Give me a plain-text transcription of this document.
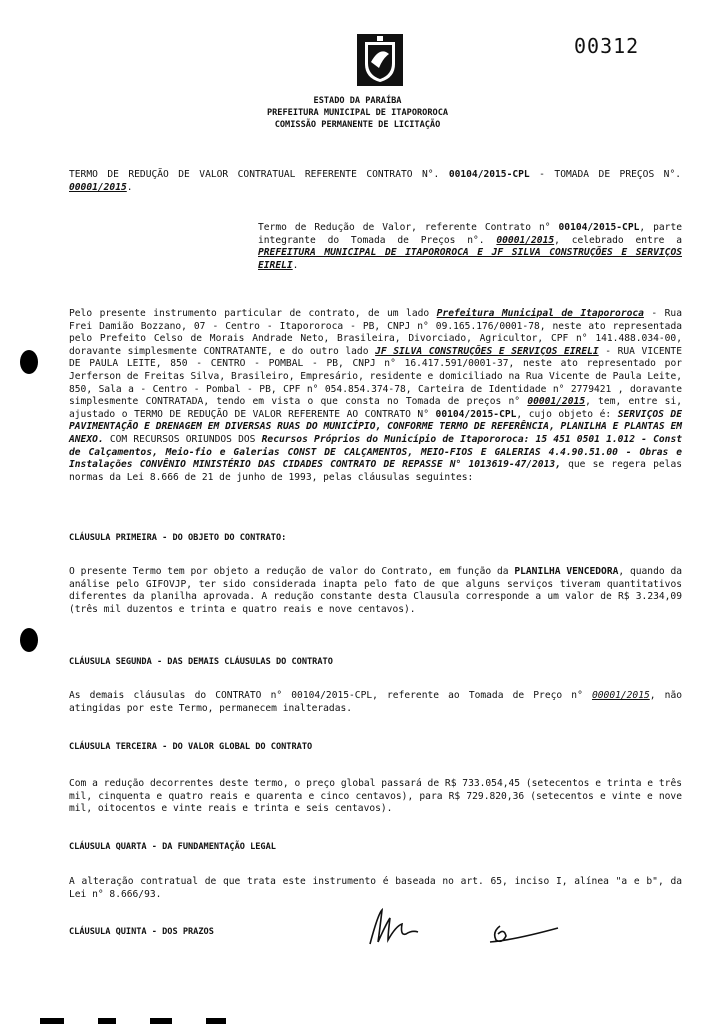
00312
ESTADO DA PARAÍBA
PREFEITURA MUNICIPAL DE ITAPOROROCA
COMISSÃO PERMANENTE DE LICITAÇÃO
TERMO DE REDUÇÃO DE VALOR CONTRATUAL REFERENTE CONTRATO N°. 00104/2015-CPL - TOMADA DE PREÇOS N°. 00001/2015.
Termo de Redução de Valor, referente Contrato n° 00104/2015-CPL, parte integrante do Tomada de Preços n°. 00001/2015, celebrado entre a PREFEITURA MUNICIPAL DE ITAPOROROCA E JF SILVA CONSTRUÇÕES E SERVIÇOS EIRELI.
Pelo presente instrumento particular de contrato, de um lado Prefeitura Municipal de Itapororoca - Rua Frei Damião Bozzano, 07 - Centro - Itapororoca - PB, CNPJ n° 09.165.176/0001-78, neste ato representada pelo Prefeito Celso de Morais Andrade Neto, Brasileira, Divorciado, Agricultor, CPF n° 141.488.034-00, doravante simplesmente CONTRATANTE, e do outro lado JF SILVA CONSTRUÇÕES E SERVIÇOS EIRELI - RUA VICENTE DE PAULA LEITE, 850 - CENTRO - POMBAL - PB, CNPJ n° 16.417.591/0001-37, neste ato representado por Jerferson de Freitas Silva, Brasileiro, Empresário, residente e domiciliado na Rua Vicente de Paula Leite, 850, Sala a - Centro - Pombal - PB, CPF n° 054.854.374-78, Carteira de Identidade n° 2779421 , doravante simplesmente CONTRATADA, tendo em vista o que consta no Tomada de preços n° 00001/2015, tem, entre si, ajustado o TERMO DE REDUÇÃO DE VALOR REFERENTE AO CONTRATO N° 00104/2015-CPL, cujo objeto é: SERVIÇOS DE PAVIMENTAÇÃO E DRENAGEM EM DIVERSAS RUAS DO MUNICÍPIO, CONFORME TERMO DE REFERÊNCIA, PLANILHA E PLANTAS EM ANEXO. COM RECURSOS ORIUNDOS DOS Recursos Próprios do Município de Itapororoca: 15 451 0501 1.012 - Const de Calçamentos, Meio-fio e Galerias CONST DE CALÇAMENTOS, MEIO-FIOS E GALERIAS 4.4.90.51.00 - Obras e Instalações CONVÊNIO MINISTÉRIO DAS CIDADES CONTRATO DE REPASSE N° 1013619-47/2013, que se regera pelas normas da Lei 8.666 de 21 de junho de 1993, pelas cláusulas seguintes:
CLÁUSULA PRIMEIRA - DO OBJETO DO CONTRATO:
O presente Termo tem por objeto a redução de valor do Contrato, em função da PLANILHA VENCEDORA, quando da análise pelo GIFOVJP, ter sido considerada inapta pelo fato de que alguns serviços tiveram quantitativos diferentes da planilha aprovada. A redução constante desta Clausula corresponde a um valor de R$ 3.234,09 (três mil duzentos e trinta e quatro reais e nove centavos).
CLÁUSULA SEGUNDA - DAS DEMAIS CLÁUSULAS DO CONTRATO
As demais cláusulas do CONTRATO n° 00104/2015-CPL, referente ao Tomada de Preço n° 00001/2015, não atingidas por este Termo, permanecem inalteradas.
CLÁUSULA TERCEIRA - DO VALOR GLOBAL DO CONTRATO
Com a redução decorrentes deste termo, o preço global passará de R$ 733.054,45 (setecentos e trinta e três mil, cinquenta e quatro reais e quarenta e cinco centavos), para R$ 729.820,36 (setecentos e vinte e nove mil, oitocentos e vinte reais e trinta e seis centavos).
CLÁUSULA QUARTA - DA FUNDAMENTAÇÃO LEGAL
A alteração contratual de que trata este instrumento é baseada no art. 65, inciso I, alínea "a e b", da Lei n° 8.666/93.
CLÁUSULA QUINTA - DOS PRAZOS
